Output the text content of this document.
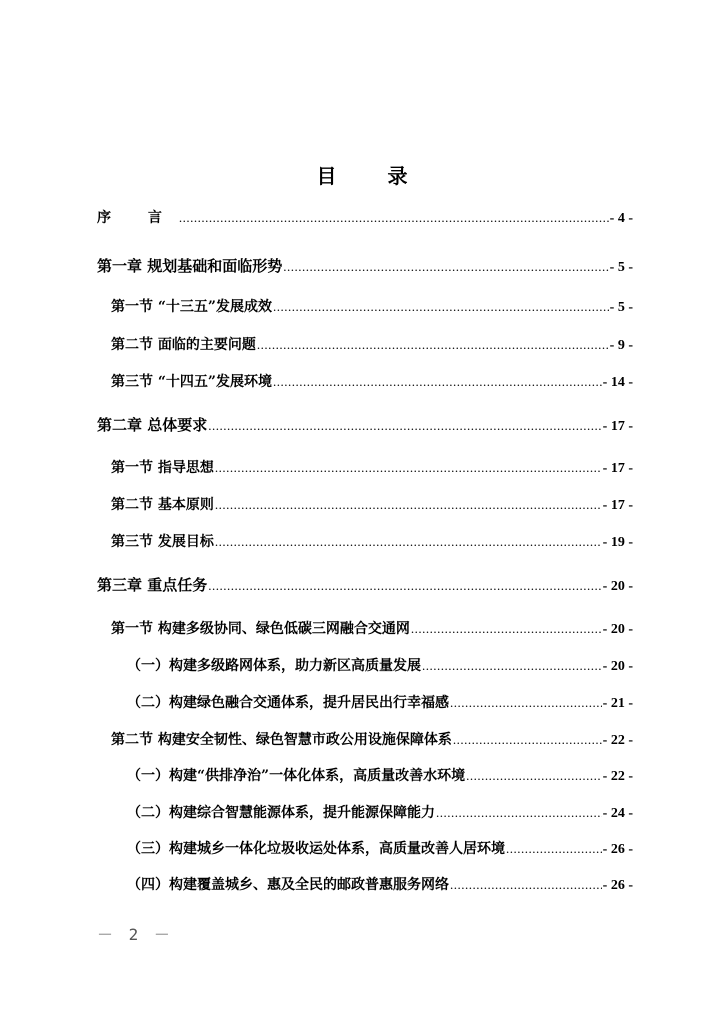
目 录
序 言 .....	- 4 -
第一章 规划基础和面临形势 .....	- 5 -
第一节 “十三五”发展成效 .....	- 5 -
第二节 面临的主要问题 .....	- 9 -
第三节 “十四五”发展环境 .....	- 14 -
第二章 总体要求 .....	- 17 -
第一节 指导思想 .....	- 17 -
第二节 基本原则 .....	- 17 -
第三节 发展目标 .....	- 19 -
第三章 重点任务 .....	- 20 -
第一节 构建多级协同、绿色低碳三网融合交通网 .....	- 20 -
（一）构建多级路网体系，助力新区高质量发展 .....	- 20 -
（二）构建绿色融合交通体系，提升居民出行幸福感 .....	- 21 -
第二节 构建安全韧性、绿色智慧市政公用设施保障体系 .....	- 22 -
（一）构建“供排净治”一体化体系，高质量改善水环境 .....	- 22 -
（二）构建综合智慧能源体系，提升能源保障能力 .....	- 24 -
（三）构建城乡一体化垃圾收运处体系，高质量改善人居环境 .....	- 26 -
（四）构建覆盖城乡、惠及全民的邮政普惠服务网络 .....	- 26 -
－ 2 －
